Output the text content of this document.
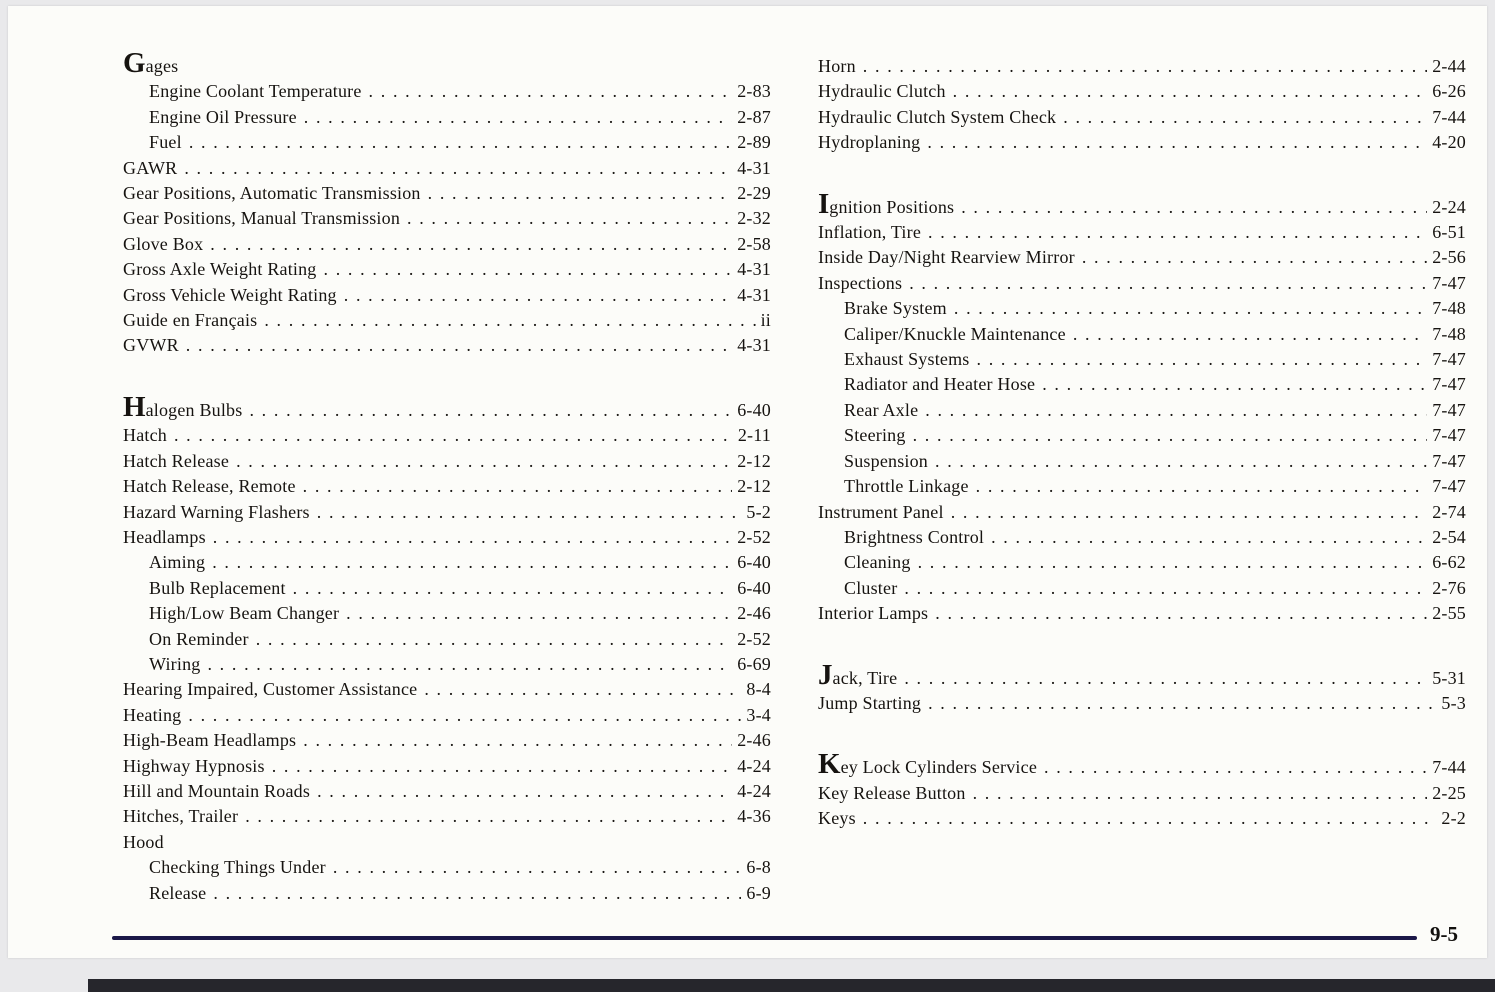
Gages
Engine Coolant Temperature . . .	2-83
Engine Oil Pressure . . .	2-87
Fuel . . .	2-89
GAWR . . .	4-31
Gear Positions, Automatic Transmission . . .	2-29
Gear Positions, Manual Transmission . . .	2-32
Glove Box . . .	2-58
Gross Axle Weight Rating . . .	4-31
Gross Vehicle Weight Rating . . .	4-31
Guide en Français . . .	ii
GVWR . . .	4-31
Halogen Bulbs . . .	6-40
Hatch . . .	2-11
Hatch Release . . .	2-12
Hatch Release, Remote . . .	2-12
Hazard Warning Flashers . . .	5-2
Headlamps . . .	2-52
Aiming . . .	6-40
Bulb Replacement . . .	6-40
High/Low Beam Changer . . .	2-46
On Reminder . . .	2-52
Wiring . . .	6-69
Hearing Impaired, Customer Assistance . . .	8-4
Heating . . .	3-4
High-Beam Headlamps . . .	2-46
Highway Hypnosis . . .	4-24
Hill and Mountain Roads . . .	4-24
Hitches, Trailer . . .	4-36
Hood
Checking Things Under . . .	6-8
Release . . .	6-9
Horn . . .	2-44
Hydraulic Clutch . . .	6-26
Hydraulic Clutch System Check . . .	7-44
Hydroplaning . . .	4-20
Ignition Positions . . .	2-24
Inflation, Tire . . .	6-51
Inside Day/Night Rearview Mirror . . .	2-56
Inspections . . .	7-47
Brake System . . .	7-48
Caliper/Knuckle Maintenance . . .	7-48
Exhaust Systems . . .	7-47
Radiator and Heater Hose . . .	7-47
Rear Axle . . .	7-47
Steering . . .	7-47
Suspension . . .	7-47
Throttle Linkage . . .	7-47
Instrument Panel . . .	2-74
Brightness Control . . .	2-54
Cleaning . . .	6-62
Cluster . . .	2-76
Interior Lamps . . .	2-55
Jack, Tire . . .	5-31
Jump Starting . . .	5-3
Key Lock Cylinders Service . . .	7-44
Key Release Button . . .	2-25
Keys . . .	2-2
9-5
